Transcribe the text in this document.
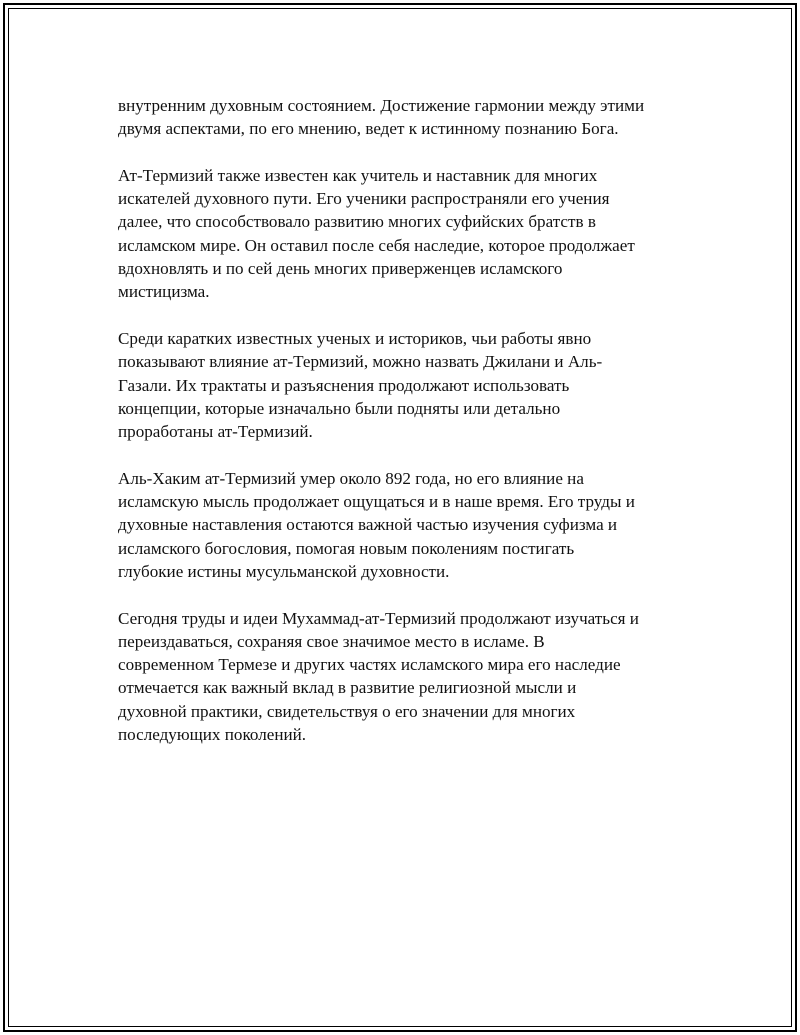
внутренним духовным состоянием. Достижение гармонии между этими
двумя аспектами, по его мнению, ведет к истинному познанию Бога.

Ат-Термизий также известен как учитель и наставник для многих
искателей духовного пути. Его ученики распространяли его учения
далее, что способствовало развитию многих суфийских братств в
исламском мире. Он оставил после себя наследие, которое продолжает
вдохновлять и по сей день многих приверженцев исламского
мистицизма.

Среди караткиx известных ученых и историков, чьи работы явно
показывают влияние ат-Термизий, можно назвать Джилани и Аль-
Газали. Их трактаты и разъяснения продолжают использовать
концепции, которые изначально были подняты или детально
проработаны ат-Термизий.

Аль-Хаким ат-Термизий умер около 892 года, но его влияние на
исламскую мысль продолжает ощущаться и в наше время. Его труды и
духовные наставления остаются важной частью изучения суфизма и
исламского богословия, помогая новым поколениям постигать
глубокие истины мусульманской духовности.

Сегодня труды и идеи Мухаммад-ат-Термизий продолжают изучаться и
переиздаваться, сохраняя свое значимое место в исламе. В
современном Термезе и других частях исламского мира его наследие
отмечается как важный вклад в развитие религиозной мысли и
духовной практики, свидетельствуя о его значении для многих
последующих поколений.
